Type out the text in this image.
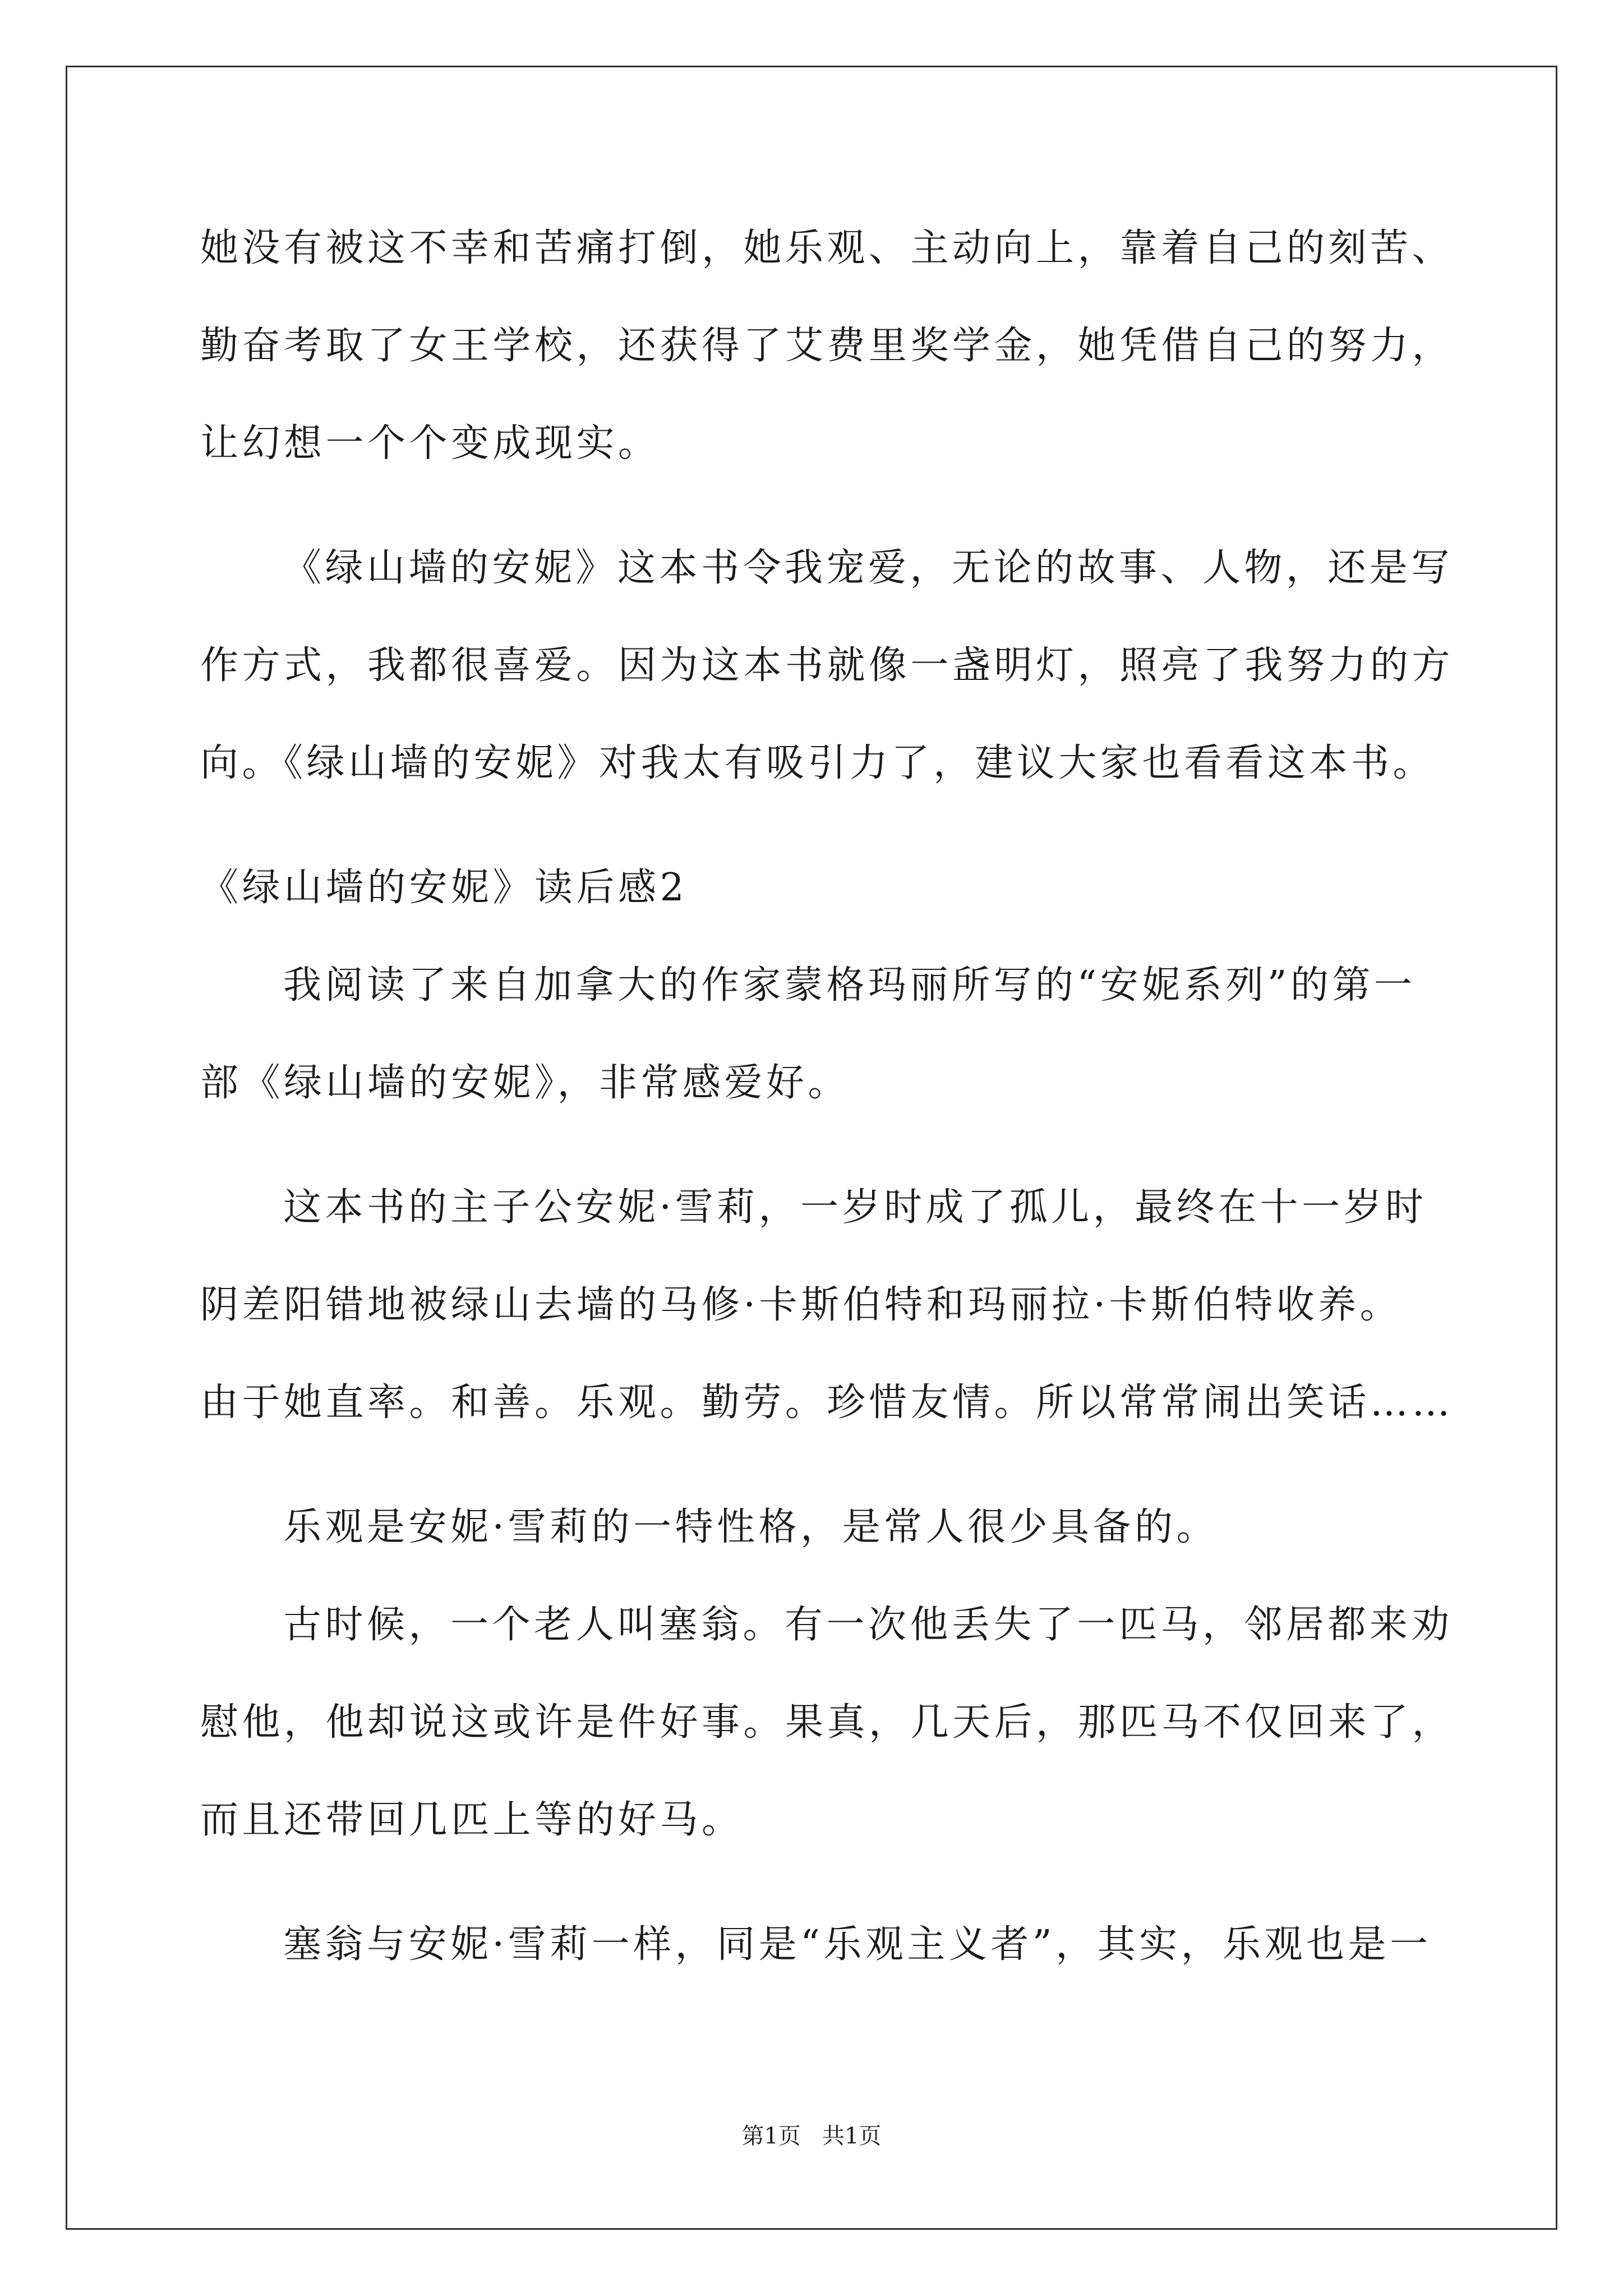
她没有被这不幸和苦痛打倒，她乐观、主动向上，靠着自己的刻苦、
勤奋考取了女王学校，还获得了艾费里奖学金，她凭借自己的努力，
让幻想一个个变成现实。
《绿山墙的安妮》这本书令我宠爱，无论的故事、人物，还是写
作方式，我都很喜爱。因为这本书就像一盏明灯，照亮了我努力的方
向。《绿山墙的安妮》对我太有吸引力了，建议大家也看看这本书。
《绿山墙的安妮》读后感2
我阅读了来自加拿大的作家蒙格玛丽所写的“安妮系列”的第一
部《绿山墙的安妮》，非常感爱好。
这本书的主子公安妮·雪莉，一岁时成了孤儿，最终在十一岁时
阴差阳错地被绿山去墙的马修·卡斯伯特和玛丽拉·卡斯伯特收养。
由于她直率。和善。乐观。勤劳。珍惜友情。所以常常闹出笑话……
乐观是安妮·雪莉的一特性格，是常人很少具备的。
古时候，一个老人叫塞翁。有一次他丢失了一匹马，邻居都来劝
慰他，他却说这或许是件好事。果真，几天后，那匹马不仅回来了，
而且还带回几匹上等的好马。
塞翁与安妮·雪莉一样，同是“乐观主义者”，其实，乐观也是一
第1页   共1页
